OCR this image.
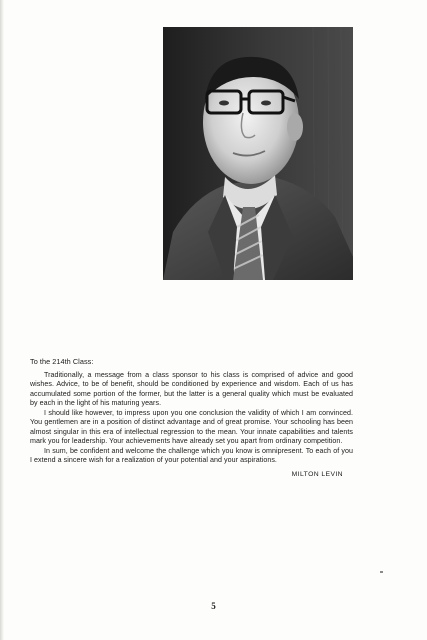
To the 214th Class:

Traditionally, a message from a class sponsor to his class is comprised of advice and good wishes. Advice, to be of benefit, should be conditioned by experience and wisdom. Each of us has accumulated some portion of the former, but the latter is a general quality which must be evaluated by each in the light of his maturing years.

I should like however, to impress upon you one conclusion the validity of which I am convinced. You gentlemen are in a position of distinct advantage and of great promise. Your schooling has been almost singular in this era of intellectual regression to the mean. Your innate capabilities and talents mark you for leadership. Your achievements have already set you apart from ordinary competition.

In sum, be confident and welcome the challenge which you know is omnipresent. To each of you I extend a sincere wish for a realization of your potential and your aspirations.

MILTON LEVIN

5
